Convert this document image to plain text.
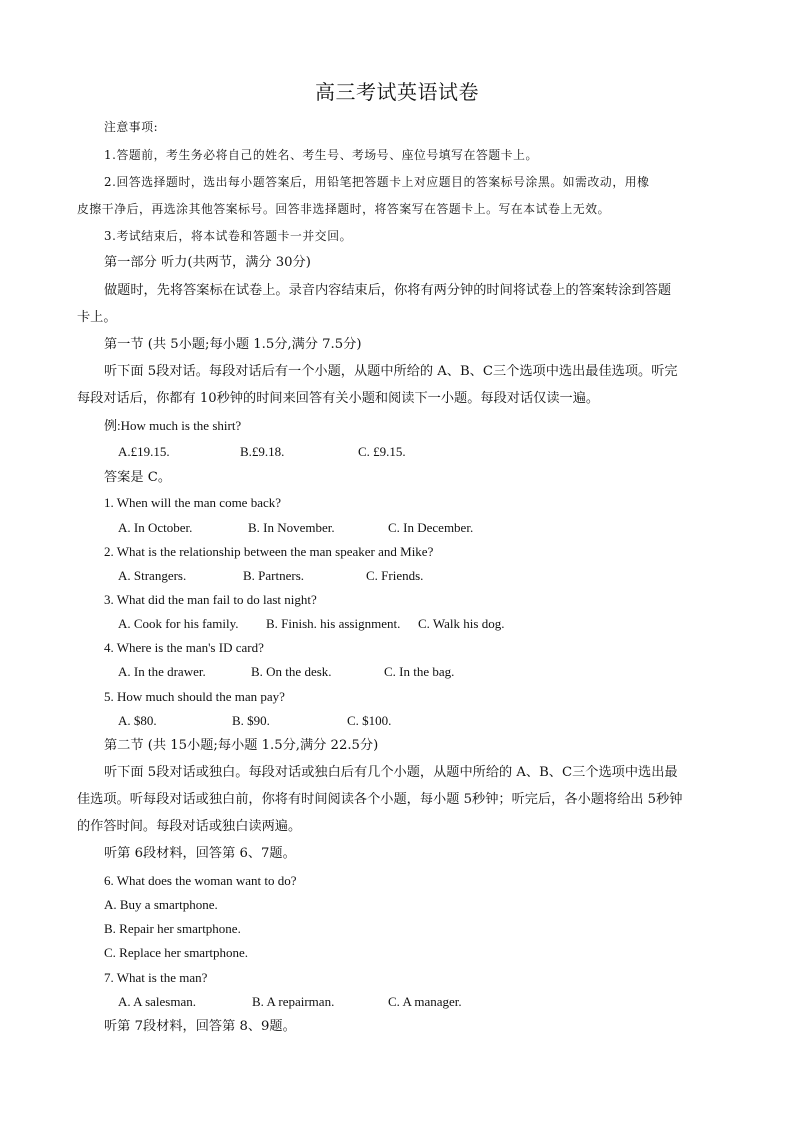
高三考试英语试卷
注意事项:
1.答题前，考生务必将自己的姓名、考生号、考场号、座位号填写在答题卡上。
2.回答选择题时，选出每小题答案后，用铅笔把答题卡上对应题目的答案标号涂黑。如需改动，用橡
皮擦干净后，再选涂其他答案标号。回答非选择题时，将答案写在答题卡上。写在本试卷上无效。
3.考试结束后，将本试卷和答题卡一并交回。
第一部分 听力(共两节，满分 30分)
做题时，先将答案标在试卷上。录音内容结束后，你将有两分钟的时间将试卷上的答案转涂到答题
卡上。
第一节 (共 5小题;每小题 1.5分,满分 7.5分)
听下面 5段对话。每段对话后有一个小题，从题中所给的 A、B、C三个选项中选出最佳选项。听完
每段对话后，你都有 10秒钟的时间来回答有关小题和阅读下一小题。每段对话仅读一遍。
例:How much is the shirt?
A.£19.15.	B.£9.18.	C. £9.15.
答案是 C。
1. When will the man come back?
A. In October.	B. In November.	C. In December.
2. What is the relationship between the man speaker and Mike?
A. Strangers.	B. Partners.	C. Friends.
3. What did the man fail to do last night?
A. Cook for his family. B. Finish. his assignment. C. Walk his dog.
4. Where is the man's ID card?
A. In the drawer.	B. On the desk.	C. In the bag.
5. How much should the man pay?
A. $80.	B. $90.	C. $100.
第二节 (共 15小题;每小题 1.5分,满分 22.5分)
听下面 5段对话或独白。每段对话或独白后有几个小题，从题中所给的 A、B、C三个选项中选出最
佳选项。听每段对话或独白前，你将有时间阅读各个小题，每小题 5秒钟；听完后，各小题将给出 5秒钟
的作答时间。每段对话或独白读两遍。
听第 6段材料，回答第 6、7题。
6. What does the woman want to do?
A. Buy a smartphone.
B. Repair her smartphone.
C. Replace her smartphone.
7. What is the man?
A. A salesman.	B. A repairman.	C. A manager.
听第 7段材料，回答第 8、9题。
